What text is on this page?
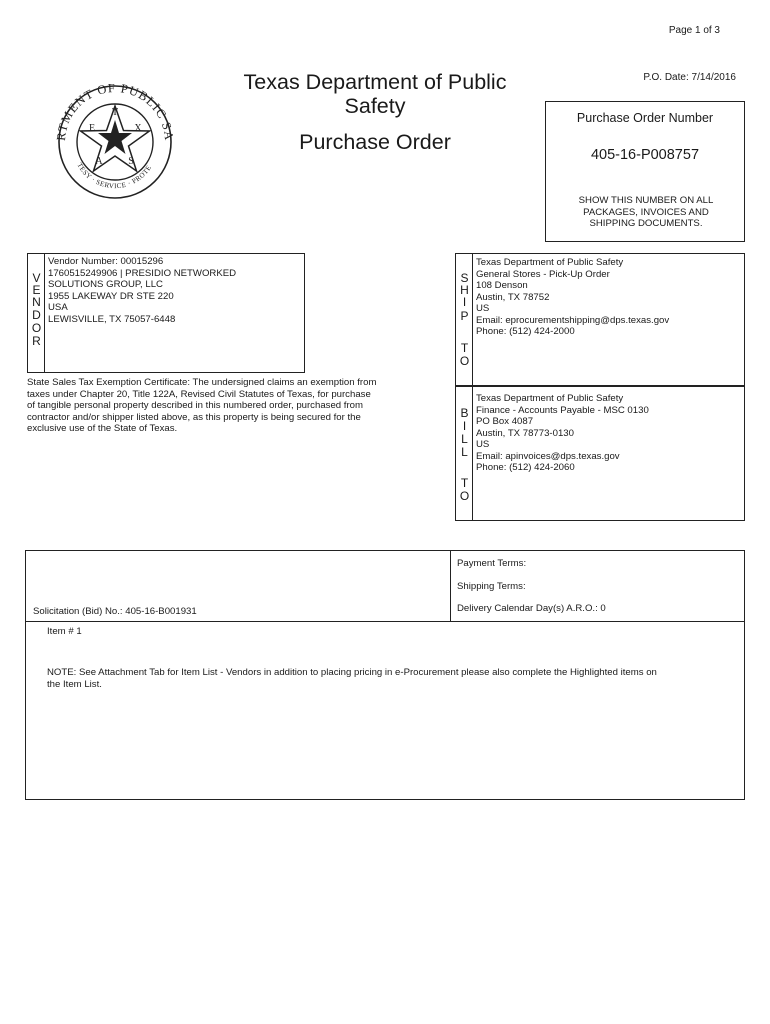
Page 1 of 3
P.O. Date: 7/14/2016
RTMENT OF PUBLIC SA
TESY · SERVICE · PROTE
T
E	X
A	S
Texas Department of Public
Safety
Purchase Order
Purchase Order Number
405-16-P008757
SHOW THIS NUMBER ON ALL
PACKAGES, INVOICES AND
SHIPPING DOCUMENTS.
V
E
N
D
O
R
Vendor Number: 00015296
1760515249906 | PRESIDIO NETWORKED
SOLUTIONS GROUP, LLC
1955 LAKEWAY DR STE 220
USA
LEWISVILLE, TX 75057-6448
State Sales Tax Exemption Certificate: The undersigned claims an exemption from
taxes under Chapter 20, Title 122A, Revised Civil Statutes of Texas, for purchase
of tangible personal property described in this numbered order, purchased from
contractor and/or shipper listed above, as this property is being secured for the
exclusive use of the State of Texas.
S
H
I
P
T
O
Texas Department of Public Safety
General Stores - Pick-Up Order
108 Denson
Austin, TX 78752
US
Email: eprocurementshipping@dps.texas.gov
Phone: (512) 424-2000
B
I
L
L
T
O
Texas Department of Public Safety
Finance - Accounts Payable - MSC 0130
PO Box 4087
Austin, TX 78773-0130
US
Email: apinvoices@dps.texas.gov
Phone: (512) 424-2060
Solicitation (Bid) No.: 405-16-B001931
Payment Terms:
Shipping Terms:
Delivery Calendar Day(s) A.R.O.: 0
Item # 1
NOTE: See Attachment Tab for Item List - Vendors in addition to placing pricing in e-Procurement please also complete the Highlighted items on
the Item List.
